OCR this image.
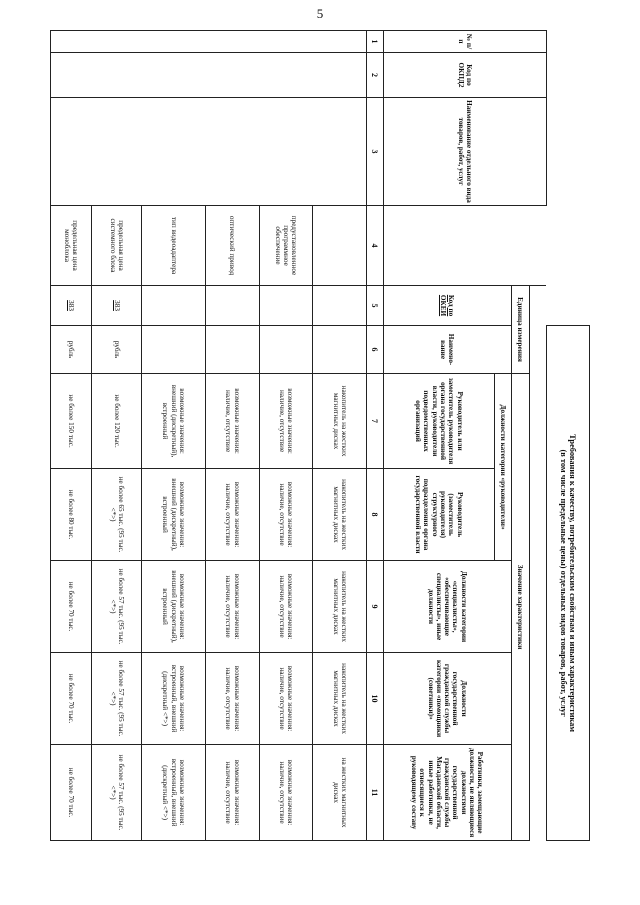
5
					Требования к качеству, потребительским свойствам и иным характеристикам
(в том числе предельные цены) отдельных видов товаров, работ, услуг					
№ п/п	Код по ОКПД2	Наименование отдельного вида товаров, работ, услуг								
				Единица измерения		Значение характеристики				
				Код по ОКЕИ	Наимено-вание	Должности категории «руководители»		Должности категории «специалисты», «обеспечивающие специалисты», иные должности	Должности государственной гражданской службы категории «помощники (советники)»	Работники, замещающие должности, не являющиеся должностями государственной гражданской службы Магаданской области, иные работники, не относящиеся к руководящему составу
						Руководитель или заместитель руководителя органа государственной власти, руководители подведомственных организаций	Руководитель (заместитель руководителя) структурного подразделения органа государственной власти			
1	2	3	4	5	6	7	8	9	10	11
						накопитель на жестких магнитных дисках	накопитель на жестких магнитных дисках	накопитель на жестких магнитных дисках	накопитель на жестких магнитных дисках	на жестких магнитных дисках
			предустановленное программное обеспечение			возможные значения: наличие, отсутствие	возможные значения: наличие, отсутствие	возможные значения: наличие, отсутствие	возможные значения: наличие, отсутствие	возможные значения: наличие, отсутствие
			оптический привод			возможные значения: наличие, отсутствие	возможные значения: наличие, отсутствие	возможные значения: наличие, отсутствие	возможные значения: наличие, отсутствие	возможные значения: наличие, отсутствие
			тип видеоадаптера			возможные значения: внешний (дискретный), встроенный	возможные значения: внешний (дискретный), встроенный	возможные значения: внешний (дискретный), встроенный	возможные значения: встроенный, внешний (дискретный <*>)	возможные значения: встроенный, внешний (дискретный <*>)
			предельная цена системного блока	383	рубль	не более 120 тыс.	не более 65 тыс. (95 тыс. <*>)	не более 57 тыс. (95 тыс. <*>)	не более 57 тыс. (95 тыс. <*>)	не более 57 тыс. (95 тыс. <*>)
			предельная цена моноблока	383	рубль	не более 150 тыс.	не более 80 тыс.	не более 70 тыс.	не более 70 тыс.	не более 70 тыс.
